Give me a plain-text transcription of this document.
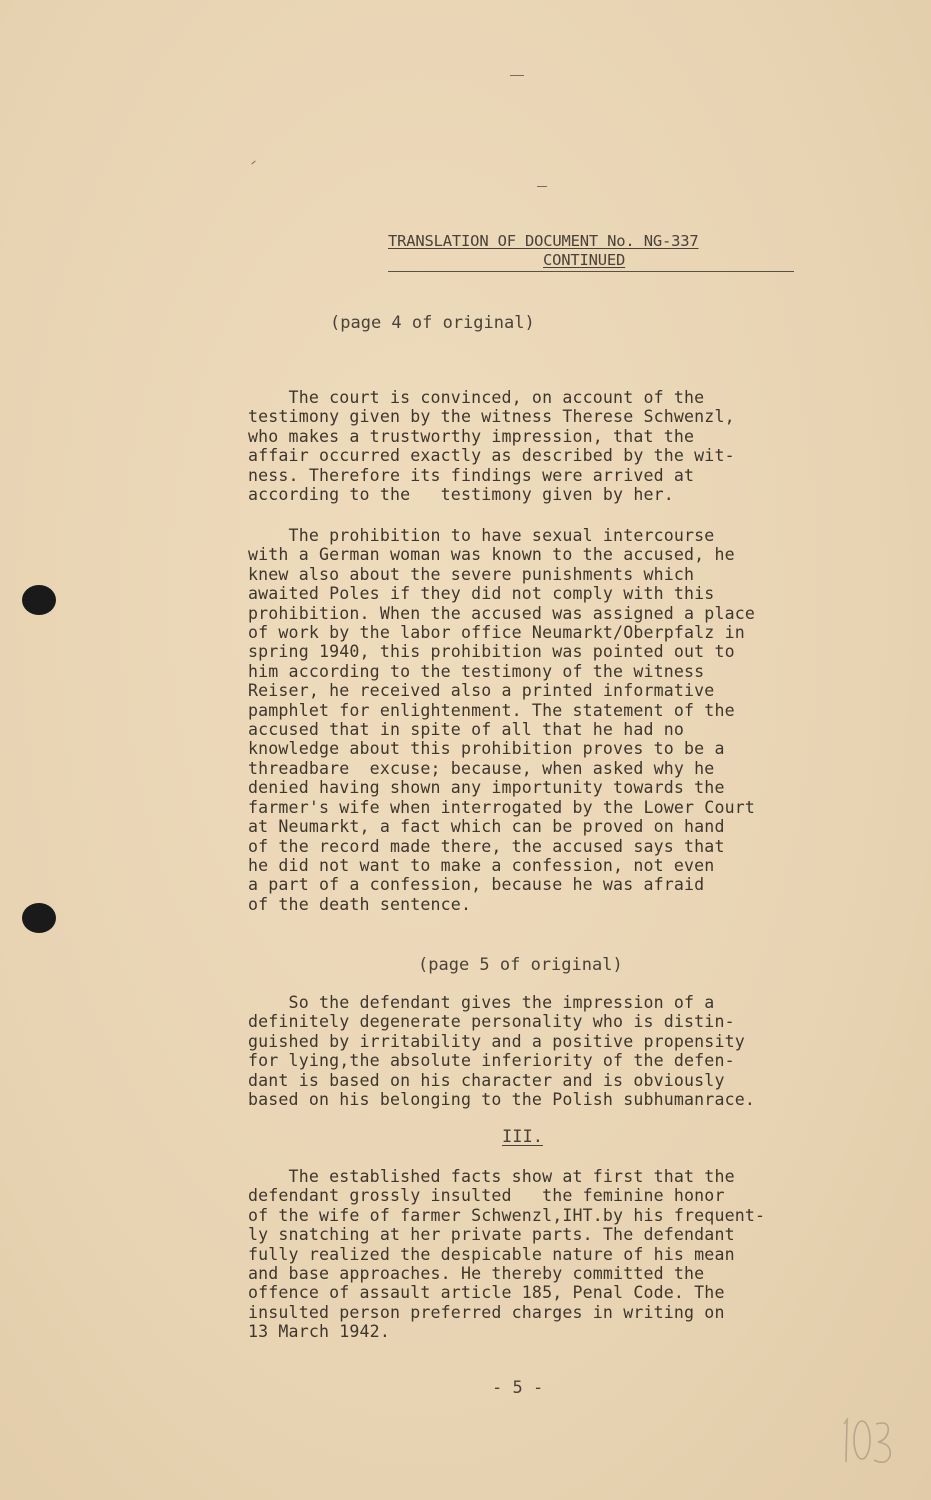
TRANSLATION OF DOCUMENT No. NG-337
CONTINUED
(page 4 of original)
The court is convinced, on account of the
testimony given by the witness Therese Schwenzl,
who makes a trustworthy impression, that the
affair occurred exactly as described by the wit-
ness. Therefore its findings were arrived at
according to the   testimony given by her.
The prohibition to have sexual intercourse
with a German woman was known to the accused, he
knew also about the severe punishments which
awaited Poles if they did not comply with this
prohibition. When the accused was assigned a place
of work by the labor office Neumarkt/Oberpfalz in
spring 1940, this prohibition was pointed out to
him according to the testimony of the witness
Reiser, he received also a printed informative
pamphlet for enlightenment. The statement of the
accused that in spite of all that he had no
knowledge about this prohibition proves to be a
threadbare  excuse; because, when asked why he
denied having shown any importunity towards the
farmer's wife when interrogated by the Lower Court
at Neumarkt, a fact which can be proved on hand
of the record made there, the accused says that
he did not want to make a confession, not even
a part of a confession, because he was afraid
of the death sentence.
(page 5 of original)
So the defendant gives the impression of a
definitely degenerate personality who is distin-
guished by irritability and a positive propensity
for lying,the absolute inferiority of the defen-
dant is based on his character and is obviously
based on his belonging to the Polish subhumanrace.
III.
The established facts show at first that the
defendant grossly insulted   the feminine honor
of the wife of farmer Schwenzl,IHT.by his frequent-
ly snatching at her private parts. The defendant
fully realized the despicable nature of his mean
and base approaches. He thereby committed the
offence of assault article 185, Penal Code. The
insulted person preferred charges in writing on
13 March 1942.
- 5 -
